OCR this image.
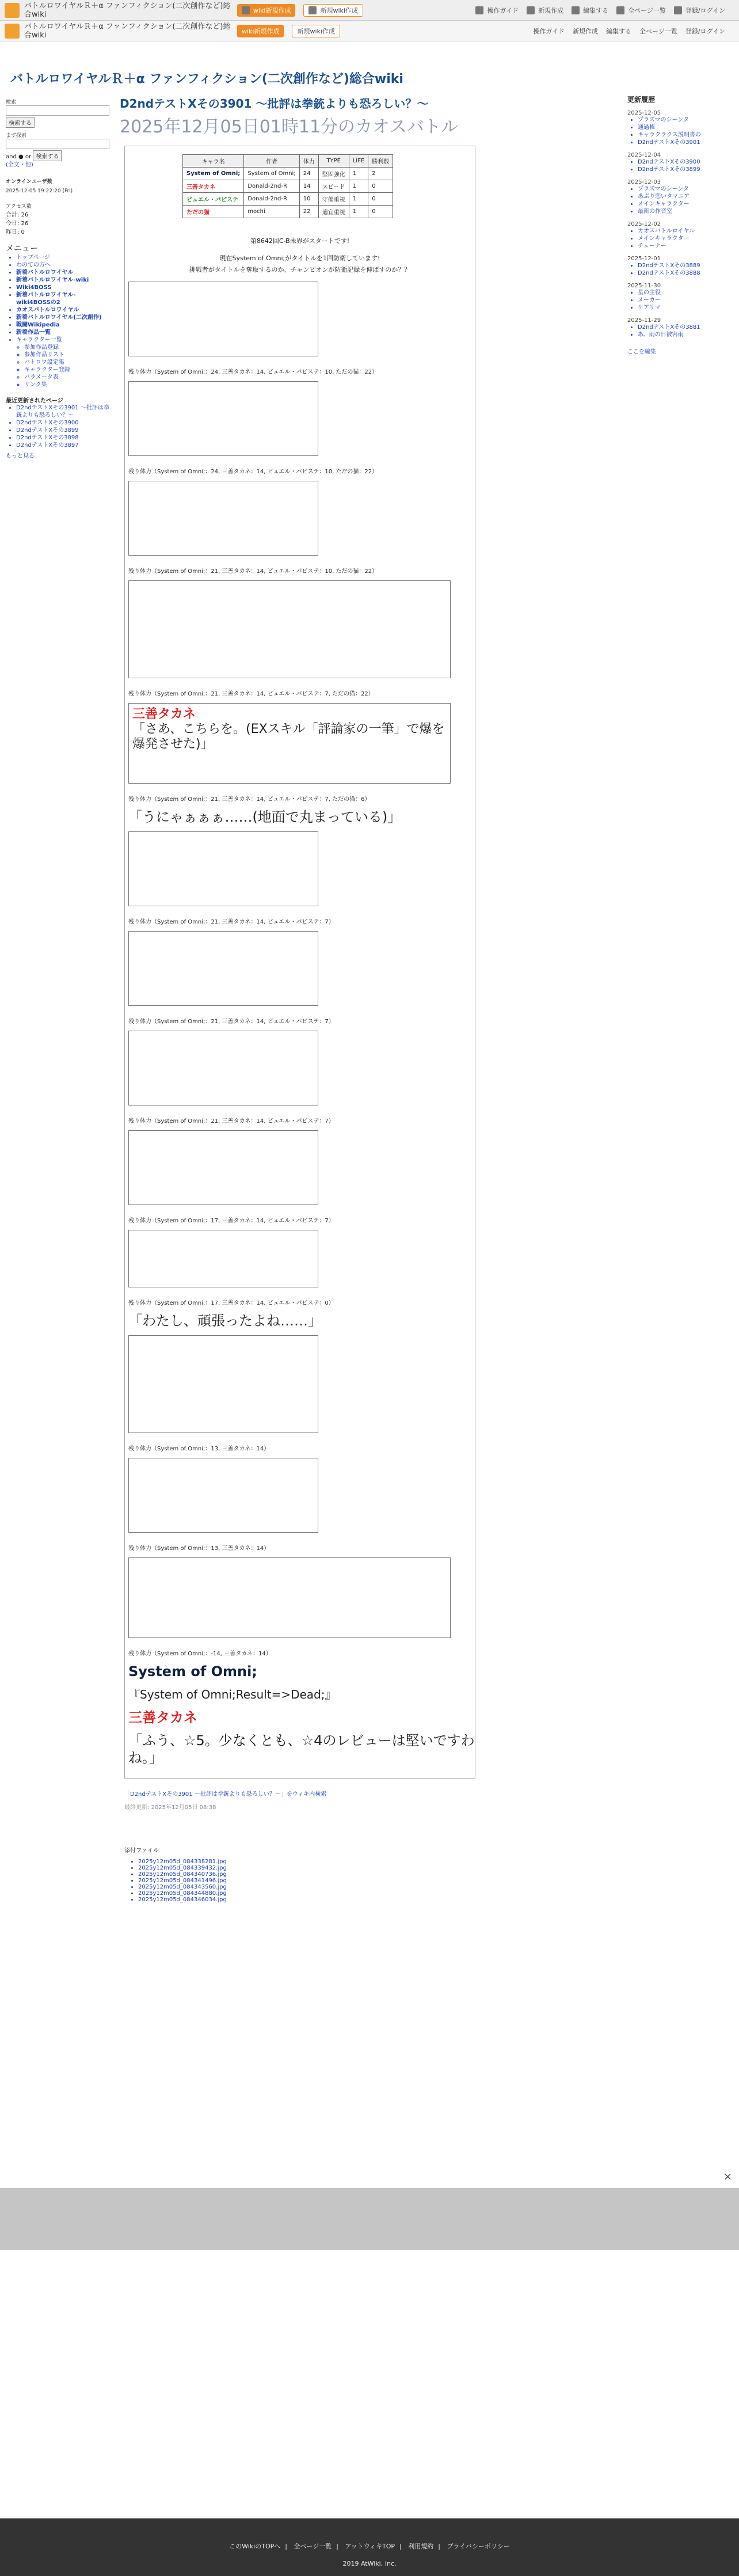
バトルロワイヤルＲ＋α ファンフィクション(二次創作など)総合wiki	wiki新規作成	新規wiki作成	操作ガイド	新規作成	編集する	全ページ一覧	登録/ログイン
バトルロワイヤルＲ＋α ファンフィクション(二次創作など)総合wiki	wiki新規作成	新規wiki作成	操作ガイド 新規作成 編集する 全ページ一覧 登録/ログイン
バトルロワイヤルＲ＋α ファンフィクション(二次創作など)総合wiki
検索
検索する
まず探索
and ● or 検索する
(全文・他)
オンラインユーザ数
2025-12-05 19:22:20 (Fri)
アクセス数
合計: 26
今日: 26
昨日: 0
メニュー
• トップページ
• わのての方へ
• 新着バトルロワイヤル
• 新着バトルロワイヤル-wiki
• Wiki4BOSS
• 新着バトルロワイヤル-wiki4BOSSの2
• カオスバトルロワイヤル
• 新着バトルロワイヤル(二次創作)
• 戦闘Wikipedia
• 新着作品一覧
• キャラクター一覧
◦ 参加作品登録
◦ 参加作品リスト
◦ バトロワ設定集
◦ キャラクター登録
◦ パラメータ表
◦ リンク集
最近更新されたページ
• D2ndテストXその3901 ～批評は拳銃よりも恐ろしい？～
• D2ndテストXその3900
• D2ndテストXその3899
• D2ndテストXその3898
• D2ndテストXその3897
もっと見る
D2ndテストXその3901 ～批評は拳銃よりも恐ろしい？～
2025年12月05日01時11分のカオスバトル
キャラ名	作者	体力	TYPE	LIFE	勝利数
System of Omni;	System of Omni;	24	堅固強化	1	2
三善タカネ	Donald-2nd-R	14	スピード	1	0
ビュエル・パピステ	Donald-2nd-R	10	守備重視	1	0
ただの猫	mochi	22	適宜重視	1	0
第8642回C-B未界がスタートです!
現在System of Omni;がタイトルを1回防衛しています!
挑戦者がタイトルを奪取するのか、チャンピオンが防衛記録を伸ばすのか？？
残り体力（System of Omni;：24, 三善タカネ：14, ビュエル・パピステ：10, ただの猫：22）
残り体力（System of Omni;：24, 三善タカネ：14, ビュエル・パピステ：10, ただの猫：22）
残り体力（System of Omni;：21, 三善タカネ：14, ビュエル・パピステ：10, ただの猫：22）
残り体力（System of Omni;：21, 三善タカネ：14, ビュエル・パピステ：7, ただの猫：22）
三善タカネ
「さあ、こちらを。(EXスキル「評論家の一筆」で爆を爆発させた)」
残り体力（System of Omni;：21, 三善タカネ：14, ビュエル・パピステ：7, ただの猫：6）
「うにゃぁぁぁ……(地面で丸まっている)」
残り体力（System of Omni;：21, 三善タカネ：14, ビュエル・パピステ：7）
残り体力（System of Omni;：21, 三善タカネ：14, ビュエル・パピステ：7）
残り体力（System of Omni;：21, 三善タカネ：14, ビュエル・パピステ：7）
残り体力（System of Omni;：17, 三善タカネ：14, ビュエル・パピステ：7）
残り体力（System of Omni;：17, 三善タカネ：14, ビュエル・パピステ：0）
「わたし、頑張ったよね……」
残り体力（System of Omni;：13, 三善タカネ：14）
残り体力（System of Omni;：13, 三善タカネ：14）
残り体力（System of Omni;：-14, 三善タカネ：14）
System of Omni;
『System of Omni;Result=>Dead;』
三善タカネ
「ふう、☆5。少なくとも、☆4のレビューは堅いですわね。」
「D2ndテストXその3901 ～批評は拳銃よりも恐ろしい？～」をウィキ内検索
最終更新: 2025年12月05日 08:38
添付ファイル
• 2025y12m05d_084338281.jpg
• 2025y12m05d_084339432.jpg
• 2025y12m05d_084340736.jpg
• 2025y12m05d_084341496.jpg
• 2025y12m05d_084343560.jpg
• 2025y12m05d_084344880.jpg
• 2025y12m05d_084346034.jpg
更新履歴
2025-12-05
• プラズマのシーンタ
• 通過権
• キャラクラクス説明書の
• D2ndテストXその3901
2025-12-04
• D2ndテストXその3900
• D2ndテストXその3899
2025-12-03
• プラズマのシーンタ
• あぶり恋いタマニア
• メインキャラクター
• 最新の作音室
2025-12-02
• カオスバトルロイヤル
• メインキャラクター
• チェーナー
2025-12-01
• D2ndテストXその3889
• D2ndテストXその3888
2025-11-30
• 星の主役
• メーカー
• ケアリマ
2025-11-29
• D2ndテストXその3881
• あ、雨の日被害雨
ここを編集
×
このWikiのTOPへ | 全ページ一覧 | アットウィキTOP | 利用規約 | プライバシーポリシー
2019 AtWiki, Inc.
